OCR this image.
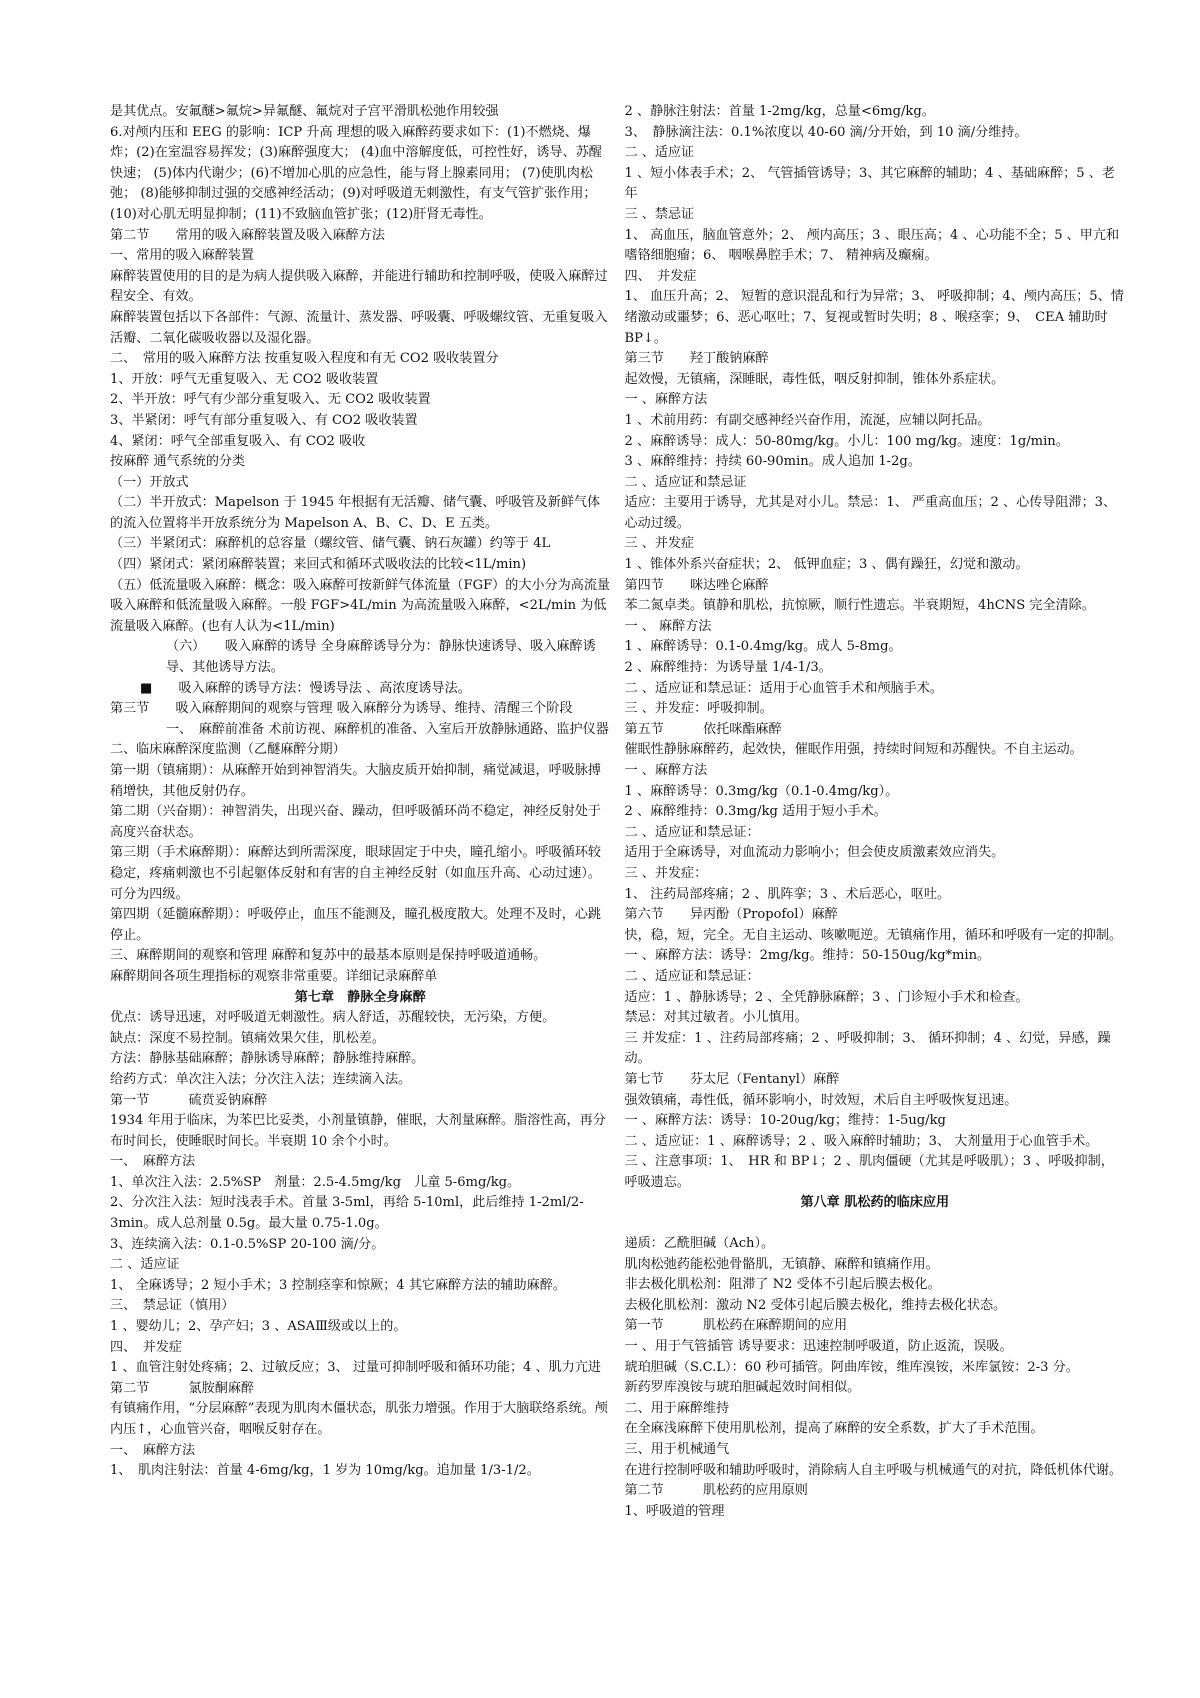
是其优点。安氟醚>氟烷>异氟醚、氟烷对子宫平滑肌松弛作用较强

6.对颅内压和 EEG 的影响：ICP 升高 理想的吸入麻醉药要求如下：(1)不燃烧、爆炸；(2)在室温容易挥发；(3)麻醉强度大； (4)血中溶解度低，可控性好，诱导、苏醒快速； (5)体内代谢少；(6)不增加心肌的应急性，能与肾上腺素同用； (7)使肌肉松弛； (8)能够抑制过强的交感神经活动；(9)对呼吸道无刺激性，有支气管扩张作用；(10)对心肌无明显抑制；(11)不致脑血管扩张；(12)肝肾无毒性。

第二节　　常用的吸入麻醉装置及吸入麻醉方法

一、常用的吸入麻醉装置

麻醉装置使用的目的是为病人提供吸入麻醉，并能进行辅助和控制呼吸，使吸入麻醉过程安全、有效。

麻醉装置包括以下各部件：气源、流量计、蒸发器、呼吸囊、呼吸螺纹管、无重复吸入活瓣、二氧化碳吸收器以及湿化器。

二、　常用的吸入麻醉方法 按重复吸入程度和有无 CO2 吸收装置分

1、开放：呼气无重复吸入、无 CO2 吸收装置

2、半开放：呼气有少部分重复吸入、无 CO2 吸收装置

3、半紧闭：呼气有部分重复吸入、有 CO2 吸收装置

4、紧闭：呼气全部重复吸入、有 CO2 吸收

按麻醉 通气系统的分类

（一）开放式

（二）半开放式：Mapelson 于 1945 年根据有无活瓣、储气囊、呼吸管及新鲜气体的流入位置将半开放系统分为 Mapelson A、B、C、D、E 五类。

（三）半紧闭式：麻醉机的总容量（螺纹管、储气囊、钠石灰罐）约等于 4L

（四）紧闭式：紧闭麻醉装置；来回式和循环式吸收法的比较<1L/min)

（五）低流量吸入麻醉：概念：吸入麻醉可按新鲜气体流量（FGF）的大小分为高流量吸入麻醉和低流量吸入麻醉。一般 FGF>4L/min 为高流量吸入麻醉，<2L/min 为低流量吸入麻醉。(也有人认为<1L/min)

（六）　　吸入麻醉的诱导 全身麻醉诱导分为：静脉快速诱导、吸入麻醉诱导、其他诱导方法。

■　　吸入麻醉的诱导方法：慢诱导法 、高浓度诱导法。

第三节　　吸入麻醉期间的观察与管理 吸入麻醉分为诱导、维持、清醒三个阶段

一、　麻醉前准备 术前访视、麻醉机的准备、入室后开放静脉通路、监护仪器

二、临床麻醉深度监测（乙醚麻醉分期）

第一期（镇痛期）：从麻醉开始到神智消失。大脑皮质开始抑制，痛觉减退，呼吸脉搏稍增快，其他反射仍存。

第二期（兴奋期）：神智消失，出现兴奋、躁动，但呼吸循环尚不稳定，神经反射处于高度兴奋状态。

第三期（手术麻醉期）：麻醉达到所需深度，眼球固定于中央，瞳孔缩小。呼吸循环较稳定，疼痛刺激也不引起躯体反射和有害的自主神经反射（如血压升高、心动过速）。可分为四级。

第四期（延髓麻醉期）：呼吸停止，血压不能测及，瞳孔极度散大。处理不及时，心跳停止。

三、麻醉期间的观察和管理 麻醉和复苏中的最基本原则是保持呼吸道通畅。

麻醉期间各项生理指标的观察非常重要。详细记录麻醉单

第七章　静脉全身麻醉

优点：诱导迅速，对呼吸道无刺激性。病人舒适，苏醒较快，无污染，方便。

缺点：深度不易控制。镇痛效果欠佳，肌松差。

方法：静脉基础麻醉；静脉诱导麻醉；静脉维持麻醉。

给药方式：单次注入法；分次注入法；连续滴入法。

第一节　　　硫贲妥钠麻醉

1934 年用于临床，为苯巴比妥类，小剂量镇静，催眠，大剂量麻醉。脂溶性高，再分布时间长，使睡眠时间长。半衰期 10 余个小时。

一、　麻醉方法

1、单次注入法：2.5%SP　剂量：2.5-4.5mg/kg　儿童 5-6mg/kg。

2、分次注入法：短时浅表手术。首量 3-5ml，再给 5-10ml，此后维持 1-2ml/2-3min。成人总剂量 0.5g。最大量 0.75-1.0g。

3、连续滴入法：0.1-0.5%SP 20-100 滴/分。

二 、适应证

1、 全麻诱导；2 短小手术；3 控制痉挛和惊厥；4 其它麻醉方法的辅助麻醉。

三、　禁忌证（慎用）

1 、婴幼儿；2、孕产妇；3 、ASAⅢ级或以上的。

四、　并发症

1 、血管注射处疼痛；2、过敏反应；3、 过量可抑制呼吸和循环功能；4 、肌力亢进

第二节　　　氯胺酮麻醉

有镇痛作用，“分层麻醉”表现为肌肉木僵状态，肌张力增强。作用于大脑联络系统。颅内压↑，心血管兴奋，咽喉反射存在。

一、　麻醉方法

1、　肌肉注射法：首量 4-6mg/kg，1 岁为 10mg/kg。追加量 1/3-1/2。

2 、静脉注射法：首量 1-2mg/kg，总量<6mg/kg。

3、　静脉滴注法：0.1%浓度以 40-60 滴/分开始，到 10 滴/分维持。

二 、适应证

1 、短小体表手术；2、 气管插管诱导；3、其它麻醉的辅助；4 、基础麻醉；5 、老年

三 、禁忌证

1、 高血压，脑血管意外；2、 颅内高压；3 、眼压高；4 、心功能不全；5 、甲亢和嗜铬细胞瘤；6、 咽喉鼻腔手术；7、 精神病及癫痫。

四、　并发症

1、 血压升高；2、 短暂的意识混乱和行为异常；3、 呼吸抑制；4、颅内高压；5、情绪激动或噩梦；6、恶心呕吐；7、复视或暂时失明；8 、喉痉挛；9、　CEA 辅助时 BP↓。

第三节　　羟丁酸钠麻醉

起效慢，无镇痛，深睡眠，毒性低，咽反射抑制，锥体外系症状。

一 、麻醉方法

1 、术前用药：有副交感神经兴奋作用，流涎，应辅以阿托品。

2 、麻醉诱导：成人：50-80mg/kg。小儿：100 mg/kg。速度：1g/min。

3 、麻醉维持：持续 60-90min。成人追加 1-2g。

二 、适应证和禁忌证

适应：主要用于诱导，尤其是对小儿。禁忌：1、 严重高血压；2 、心传导阻滞；3、 心动过缓。

三 、并发症

1 、锥体外系兴奋症状；2、 低钾血症；3 、偶有躁狂，幻觉和激动。

第四节　　咪达唑仑麻醉

苯二氮卓类。镇静和肌松，抗惊厥，顺行性遗忘。半衰期短，4hCNS 完全清除。

一 、 麻醉方法

1 、麻醉诱导：0.1-0.4mg/kg。成人 5-8mg。

2 、麻醉维持：为诱导量 1/4-1/3。

二 、适应证和禁忌证：适用于心血管手术和颅脑手术。

三 、并发症：呼吸抑制。

第五节　　　依托咪酯麻醉

催眠性静脉麻醉药，起效快，催眠作用强，持续时间短和苏醒快。不自主运动。

一 、麻醉方法

1 、麻醉诱导：0.3mg/kg（0.1-0.4mg/kg）。

2 、麻醉维持：0.3mg/kg 适用于短小手术。

二 、适应证和禁忌证：

适用于全麻诱导，对血流动力影响小；但会使皮质激素效应消失。

三 、并发症：

1、 注药局部疼痛；2 、肌阵挛；3 、术后恶心，呕吐。

第六节　　异丙酚（Propofol）麻醉

快，稳，短，完全。无自主运动、咳嗽呃逆。无镇痛作用，循环和呼吸有一定的抑制。

一 、麻醉方法：诱导：2mg/kg。维持：50-150ug/kg*min。

二 、适应证和禁忌证：

适应：1 、静脉诱导；2 、全凭静脉麻醉；3 、门诊短小手术和检查。

禁忌：对其过敏者。小儿慎用。

三 并发症：1 、注药局部疼痛；2 、呼吸抑制；3、 循环抑制；4 、幻觉，异感，躁动。

第七节　　芬太尼（Fentanyl）麻醉

强效镇痛，毒性低，循环影响小，时效短，术后自主呼吸恢复迅速。

一 、麻醉方法：诱导：10-20ug/kg；维持：1-5ug/kg

二 、适应证：1 、麻醉诱导；2 、吸入麻醉时辅助；3、 大剂量用于心血管手术。

三 、注意事项：1、　HR 和 BP↓；2 、肌肉僵硬（尤其是呼吸肌）；3 、呼吸抑制，呼吸遗忘。

第八章 肌松药的临床应用

递质：乙酰胆碱（Ach）。

肌肉松弛药能松弛骨骼肌，无镇静、麻醉和镇痛作用。

非去极化肌松剂：阻滞了 N2 受体不引起后膜去极化。

去极化肌松剂：激动 N2 受体引起后膜去极化，维持去极化状态。

第一节　　　肌松药在麻醉期间的应用

一 、用于气管插管 诱导要求：迅速控制呼吸道，防止返流，误吸。

琥珀胆碱（S.C.L）：60 秒可插管。阿曲库铵，维库溴铵，米库氯铵：2-3 分。

新药罗库溴铵与琥珀胆碱起效时间相似。

二、用于麻醉维持

在全麻浅麻醉下使用肌松剂，提高了麻醉的安全系数，扩大了手术范围。

三、用于机械通气

在进行控制呼吸和辅助呼吸时，消除病人自主呼吸与机械通气的对抗，降低机体代谢。

第二节　　　肌松药的应用原则

1、呼吸道的管理
